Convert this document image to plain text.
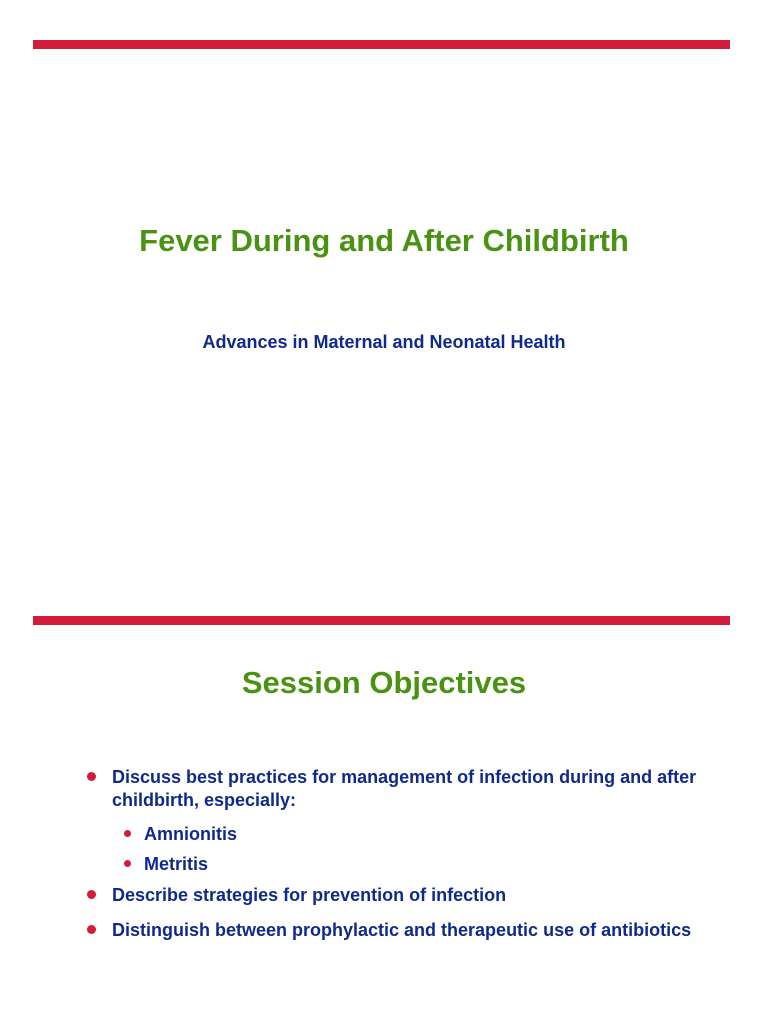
Fever During and After Childbirth

Advances in Maternal and Neonatal Health

Session Objectives
Discuss best practices for management of infection during and after childbirth, especially:
Amnionitis
Metritis
Describe strategies for prevention of infection
Distinguish between prophylactic and therapeutic use of antibiotics
